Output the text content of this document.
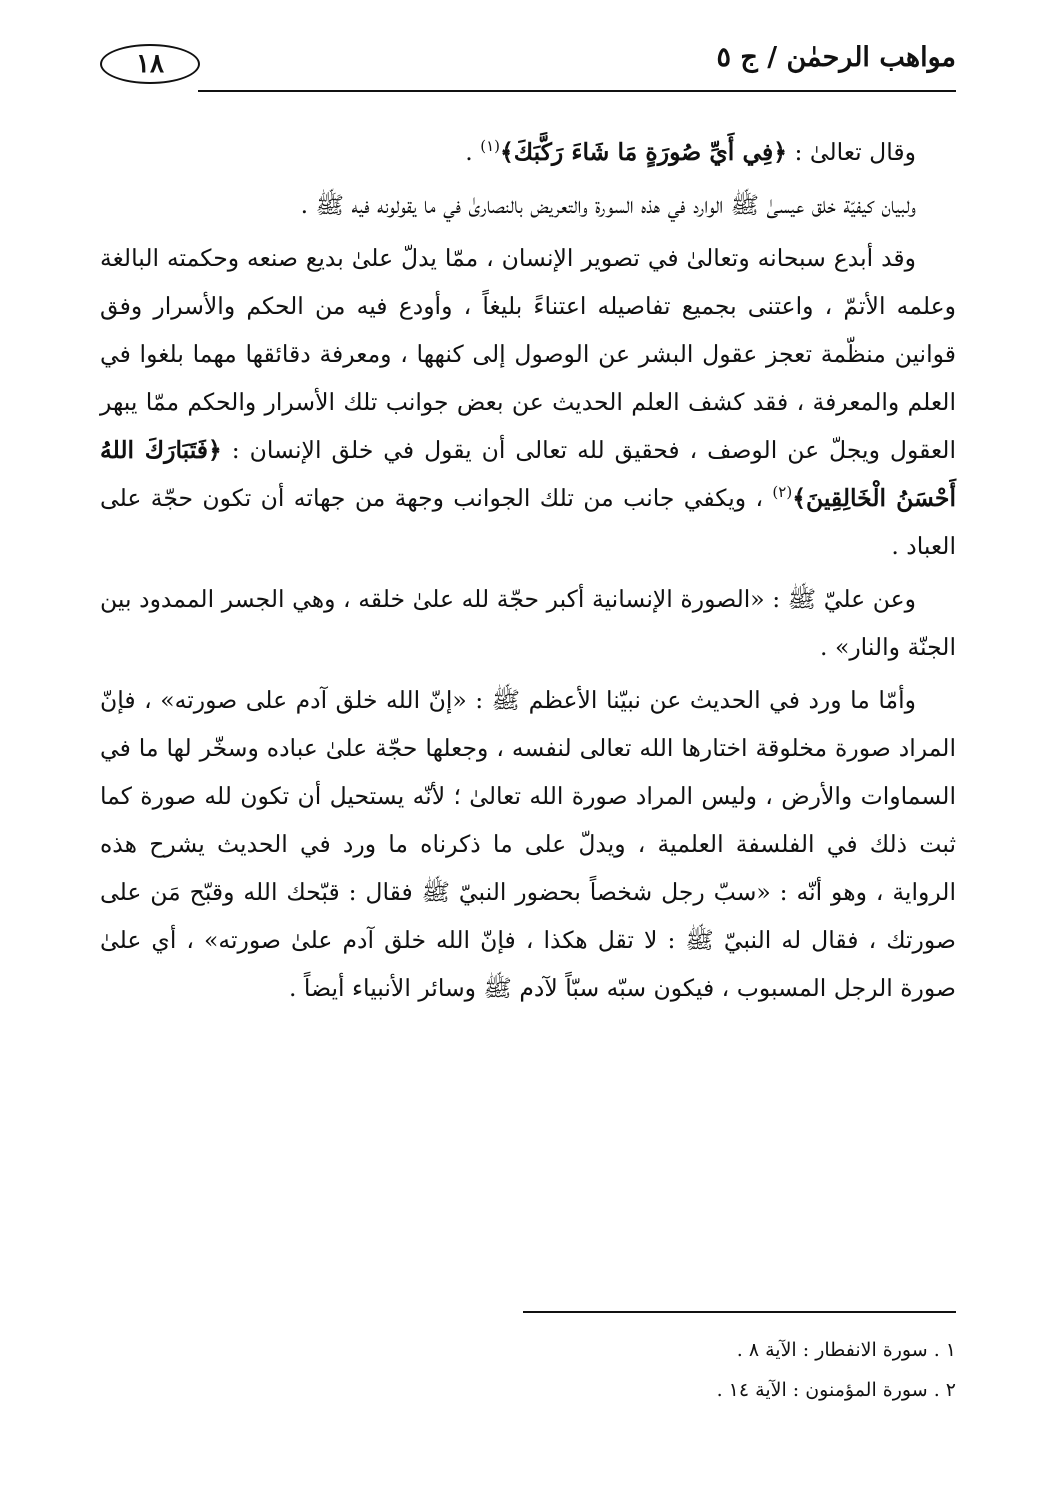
مواهب الرحمٰن / ج ٥
١٨

وقال تعالىٰ : ﴿فِي أَيِّ صُورَةٍ مَا شَاءَ رَكَّبَكَ﴾$^{(١)}$ .

ولبيان كيفيّة خلق عيسىٰ ﷺ الوارد في هذه السورة والتعريض بالنصارىٰ في ما يقولونه فيه ﷺ .

وقد أبدع سبحانه وتعالىٰ في تصوير الإنسان ، ممّا يدلّ علىٰ بديع صنعه وحكمته البالغة وعلمه الأتمّ ، واعتنى بجميع تفاصيله اعتناءً بليغاً ، وأودع فيه من الحكم والأسرار وفق قوانين منظّمة تعجز عقول البشر عن الوصول إلى كنهها ، ومعرفة دقائقها مهما بلغوا في العلم والمعرفة ، فقد كشف العلم الحديث عن بعض جوانب تلك الأسرار والحكم ممّا يبهر العقول ويجلّ عن الوصف ، فحقيق لله تعالى أن يقول في خلق الإنسان : ﴿فَتَبَارَكَ اللهُ أَحْسَنُ الْخَالِقِينَ﴾$^{(٢)}$ ، ويكفي جانب من تلك الجوانب وجهة من جهاته أن تكون حجّة على العباد .

وعن عليّ ﷺ : «الصورة الإنسانية أكبر حجّة لله علىٰ خلقه ، وهي الجسر الممدود بين الجنّة والنار» .

وأمّا ما ورد في الحديث عن نبيّنا الأعظم ﷺ : «إنّ الله خلق آدم على صورته» ، فإنّ المراد صورة مخلوقة اختارها الله تعالى لنفسه ، وجعلها حجّة علىٰ عباده وسخّر لها ما في السماوات والأرض ، وليس المراد صورة الله تعالىٰ ؛ لأنّه يستحيل أن تكون لله صورة كما ثبت ذلك في الفلسفة العلمية ، ويدلّ على ما ذكرناه ما ورد في الحديث يشرح هذه الرواية ، وهو أنّه : «سبّ رجل شخصاً بحضور النبيّ ﷺ فقال : قبّحك الله وقبّح مَن على صورتك ، فقال له النبيّ ﷺ : لا تقل هكذا ، فإنّ الله خلق آدم علىٰ صورته» ، أي علىٰ صورة الرجل المسبوب ، فيكون سبّه سبّاً لآدم ﷺ وسائر الأنبياء أيضاً .

١ . سورة الانفطار : الآية ٨ .

٢ . سورة المؤمنون : الآية ١٤ .
